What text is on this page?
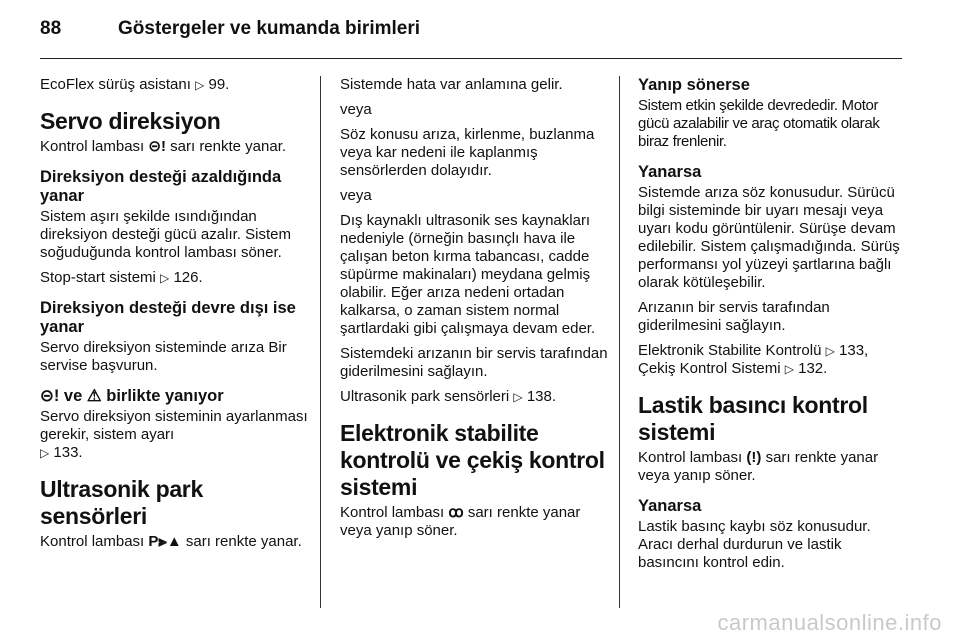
88	Göstergeler ve kumanda birimleri

EcoFlex sürüş asistanı ▷ 99.

Servo direksiyon

Kontrol lambası ⊝! sarı renkte yanar.

Direksiyon desteği azaldığında yanar

Sistem aşırı şekilde ısındığından direksiyon desteği gücü azalır. Sistem soğuduğunda kontrol lambası söner.

Stop-start sistemi ▷ 126.

Direksiyon desteği devre dışı ise yanar

Servo direksiyon sisteminde arıza Bir servise başvurun.

⊝! ve ⚠ birlikte yanıyor

Servo direksiyon sisteminin ayarlanması gerekir, sistem ayarı
▷ 133.

Ultrasonik park sensörleri

Kontrol lambası P⫸▲ sarı renkte yanar.

Sistemde hata var anlamına gelir.

veya

Söz konusu arıza, kirlenme, buzlanma veya kar nedeni ile kaplanmış sensörlerden dolayıdır.

veya

Dış kaynaklı ultrasonik ses kaynakları nedeniyle (örneğin basınçlı hava ile çalışan beton kırma tabancası, cadde süpürme makinaları) meydana gelmiş olabilir. Eğer arıza nedeni ortadan kalkarsa, o zaman sistem normal şartlardaki gibi çalışmaya devam eder.

Sistemdeki arızanın bir servis tarafından giderilmesini sağlayın.

Ultrasonik park sensörleri ▷ 138.

Elektronik stabilite kontrolü ve çekiş kontrol sistemi

Kontrol lambası ꝏ sarı renkte yanar veya yanıp söner.

Yanıp sönerse

Sistem etkin şekilde devrededir. Motor gücü azalabilir ve araç otomatik olarak biraz frenlenir.

Yanarsa

Sistemde arıza söz konusudur. Sürücü bilgi sisteminde bir uyarı mesajı veya uyarı kodu görüntülenir. Sürüşe devam edilebilir. Sistem çalışmadığında. Sürüş performansı yol yüzeyi şartlarına bağlı olarak kötüleşebilir.

Arızanın bir servis tarafından giderilmesini sağlayın.

Elektronik Stabilite Kontrolü ▷ 133,
Çekiş Kontrol Sistemi ▷ 132.

Lastik basıncı kontrol sistemi

Kontrol lambası (!) sarı renkte yanar veya yanıp söner.

Yanarsa

Lastik basınç kaybı söz konusudur. Aracı derhal durdurun ve lastik basıncını kontrol edin.

carmanualsonline.info
